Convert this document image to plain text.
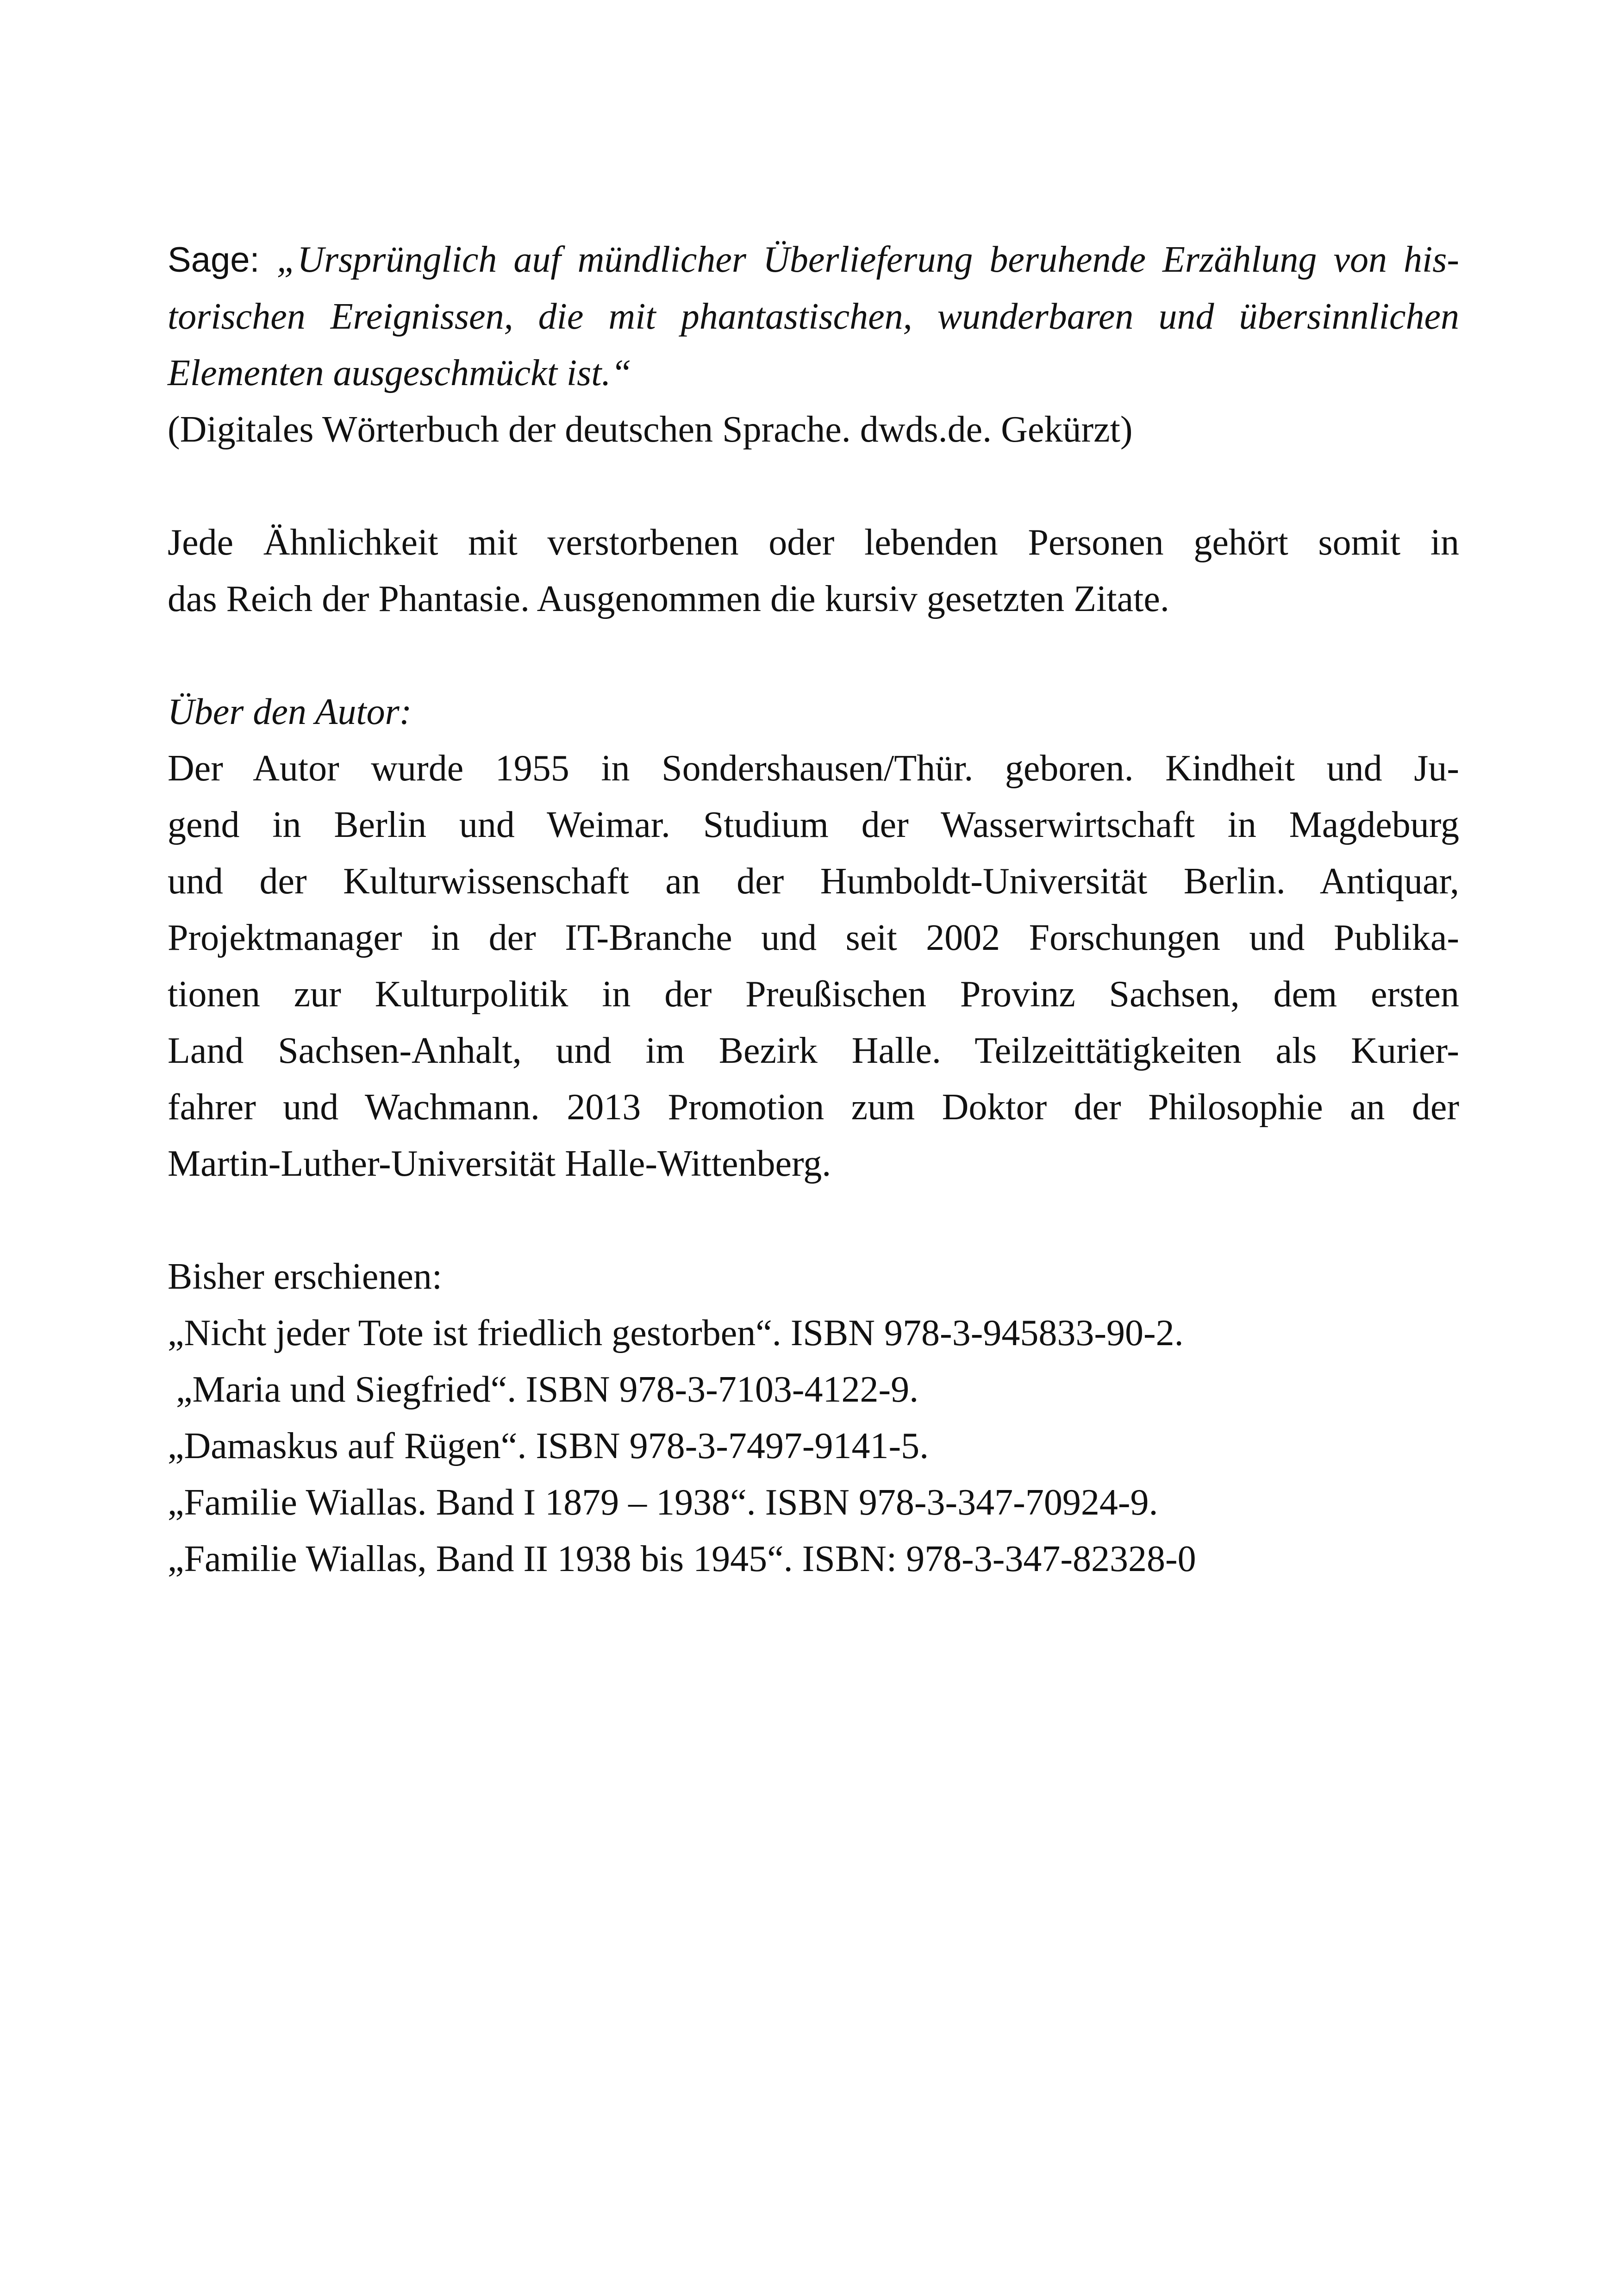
Sage: „Ursprünglich auf mündlicher Überlieferung beruhende Erzählung von his-
torischen Ereignissen, die mit phantastischen, wunderbaren und übersinnlichen
Elementen ausgeschmückt ist.“
(Digitales Wörterbuch der deutschen Sprache. dwds.de. Gekürzt)
Jede Ähnlichkeit mit verstorbenen oder lebenden Personen gehört somit in
das Reich der Phantasie. Ausgenommen die kursiv gesetzten Zitate.
Über den Autor:
Der Autor wurde 1955 in Sondershausen/Thür. geboren. Kindheit und Ju-
gend in Berlin und Weimar. Studium der Wasserwirtschaft in Magdeburg
und der Kulturwissenschaft an der Humboldt-Universität Berlin. Antiquar,
Projektmanager in der IT-Branche und seit 2002 Forschungen und Publika-
tionen zur Kulturpolitik in der Preußischen Provinz Sachsen, dem ersten
Land Sachsen-Anhalt, und im Bezirk Halle. Teilzeittätigkeiten als Kurier-
fahrer und Wachmann. 2013 Promotion zum Doktor der Philosophie an der
Martin-Luther-Universität Halle-Wittenberg.
Bisher erschienen:
„Nicht jeder Tote ist friedlich gestorben“. ISBN 978-3-945833-90-2.
„Maria und Siegfried“. ISBN 978-3-7103-4122-9.
„Damaskus auf Rügen“. ISBN 978-3-7497-9141-5.
„Familie Wiallas. Band I 1879 – 1938“. ISBN 978-3-347-70924-9.
„Familie Wiallas, Band II 1938 bis 1945“. ISBN: 978-3-347-82328-0
